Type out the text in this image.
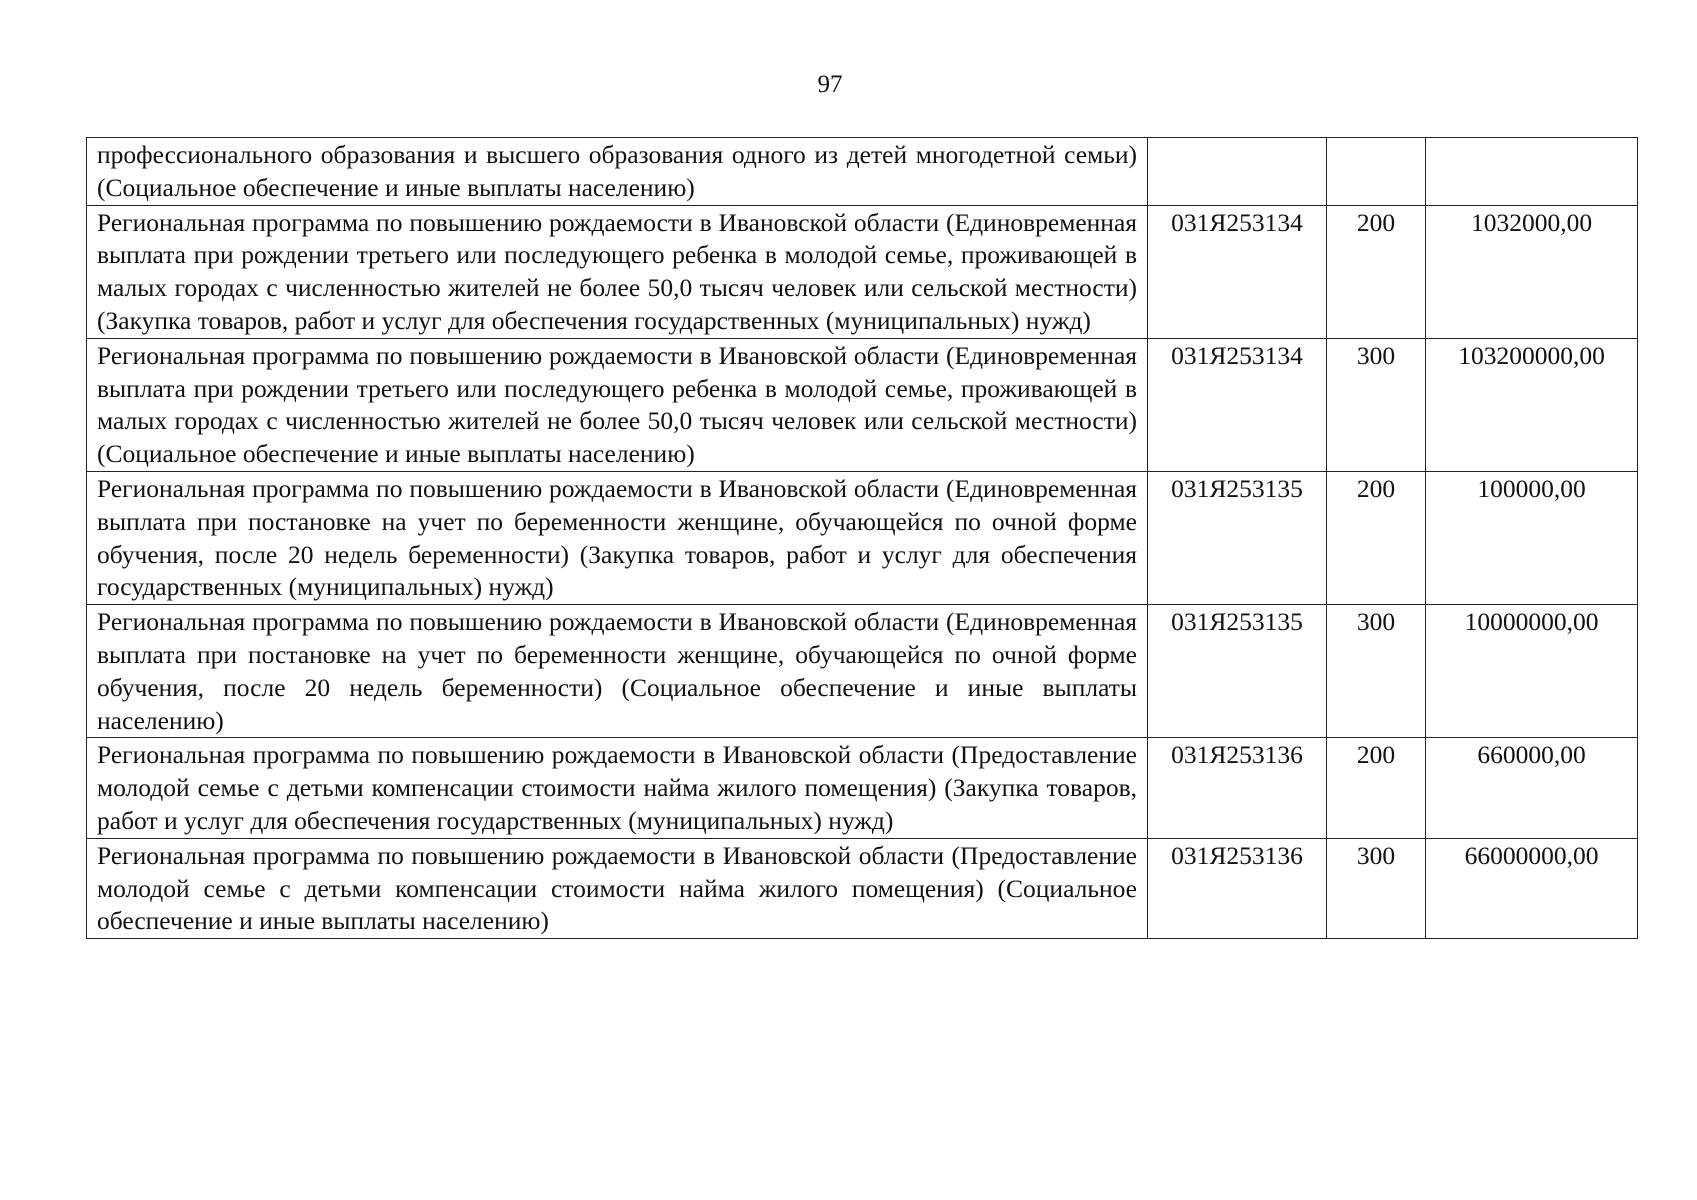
97
профессионального образования и высшего образования одного из детей многодетной семьи) (Социальное обеспечение и иные выплаты населению)			

Региональная программа по повышению рождаемости в Ивановской области (Единовременная выплата при рождении третьего или последующего ребенка в молодой семье, проживающей в малых городах с численностью жителей не более 50,0 тысяч человек или сельской местности) (Закупка товаров, работ и услуг для обеспечения государственных (муниципальных) нужд)	031Я253134	200	1032000,00

Региональная программа по повышению рождаемости в Ивановской области (Единовременная выплата при рождении третьего или последующего ребенка в молодой семье, проживающей в малых городах с численностью жителей не более 50,0 тысяч человек или сельской местности) (Социальное обеспечение и иные выплаты населению)	031Я253134	300	103200000,00

Региональная программа по повышению рождаемости в Ивановской области (Единовременная выплата при постановке на учет по беременности женщине, обучающейся по очной форме обучения, после 20 недель беременности) (Закупка товаров, работ и услуг для обеспечения государственных (муниципальных) нужд)	031Я253135	200	100000,00

Региональная программа по повышению рождаемости в Ивановской области (Единовременная выплата при постановке на учет по беременности женщине, обучающейся по очной форме обучения, после 20 недель беременности) (Социальное обеспечение и иные выплаты населению)	031Я253135	300	10000000,00

Региональная программа по повышению рождаемости в Ивановской области (Предоставление молодой семье с детьми компенсации стоимости найма жилого помещения) (Закупка товаров, работ и услуг для обеспечения государственных (муниципальных) нужд)	031Я253136	200	660000,00

Региональная программа по повышению рождаемости в Ивановской области (Предоставление молодой семье с детьми компенсации стоимости найма жилого помещения) (Социальное обеспечение и иные выплаты населению)	031Я253136	300	66000000,00
